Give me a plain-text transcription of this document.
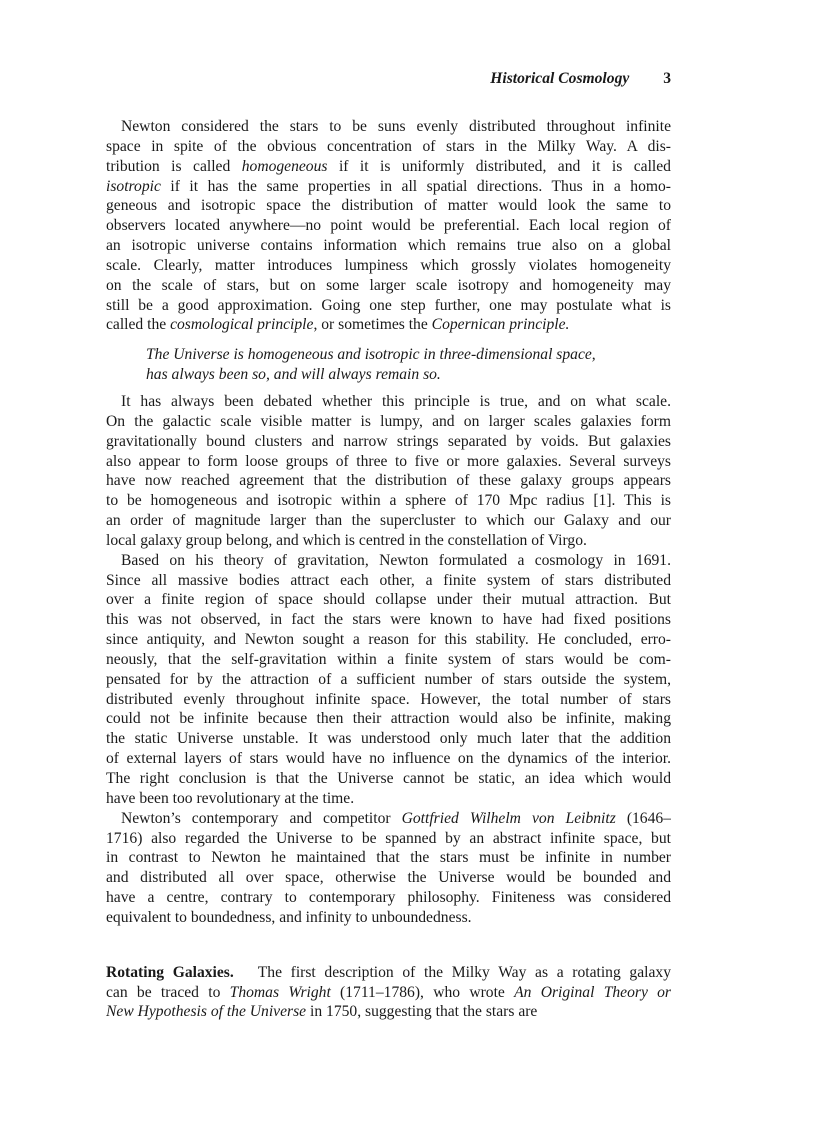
Historical Cosmology 3
Newton considered the stars to be suns evenly distributed throughout infinite
space in spite of the obvious concentration of stars in the Milky Way. A dis-
tribution is called homogeneous if it is uniformly distributed, and it is called
isotropic if it has the same properties in all spatial directions. Thus in a homo-
geneous and isotropic space the distribution of matter would look the same to
observers located anywhere—no point would be preferential. Each local region of
an isotropic universe contains information which remains true also on a global
scale. Clearly, matter introduces lumpiness which grossly violates homogeneity
on the scale of stars, but on some larger scale isotropy and homogeneity may
still be a good approximation. Going one step further, one may postulate what is
called the cosmological principle, or sometimes the Copernican principle.
The Universe is homogeneous and isotropic in three-dimensional space,
has always been so, and will always remain so.
It has always been debated whether this principle is true, and on what scale.
On the galactic scale visible matter is lumpy, and on larger scales galaxies form
gravitationally bound clusters and narrow strings separated by voids. But galaxies
also appear to form loose groups of three to five or more galaxies. Several surveys
have now reached agreement that the distribution of these galaxy groups appears
to be homogeneous and isotropic within a sphere of 170 Mpc radius [1]. This is
an order of magnitude larger than the supercluster to which our Galaxy and our
local galaxy group belong, and which is centred in the constellation of Virgo.
Based on his theory of gravitation, Newton formulated a cosmology in 1691.
Since all massive bodies attract each other, a finite system of stars distributed
over a finite region of space should collapse under their mutual attraction. But
this was not observed, in fact the stars were known to have had fixed positions
since antiquity, and Newton sought a reason for this stability. He concluded, erro-
neously, that the self-gravitation within a finite system of stars would be com-
pensated for by the attraction of a sufficient number of stars outside the system,
distributed evenly throughout infinite space. However, the total number of stars
could not be infinite because then their attraction would also be infinite, making
the static Universe unstable. It was understood only much later that the addition
of external layers of stars would have no influence on the dynamics of the interior.
The right conclusion is that the Universe cannot be static, an idea which would
have been too revolutionary at the time.
Newton’s contemporary and competitor Gottfried Wilhelm von Leibnitz (1646–
1716) also regarded the Universe to be spanned by an abstract infinite space, but
in contrast to Newton he maintained that the stars must be infinite in number
and distributed all over space, otherwise the Universe would be bounded and
have a centre, contrary to contemporary philosophy. Finiteness was considered
equivalent to boundedness, and infinity to unboundedness.
Rotating Galaxies.  The first description of the Milky Way as a rotating galaxy
can be traced to Thomas Wright (1711–1786), who wrote An Original Theory or
New Hypothesis of the Universe in 1750, suggesting that the stars are
